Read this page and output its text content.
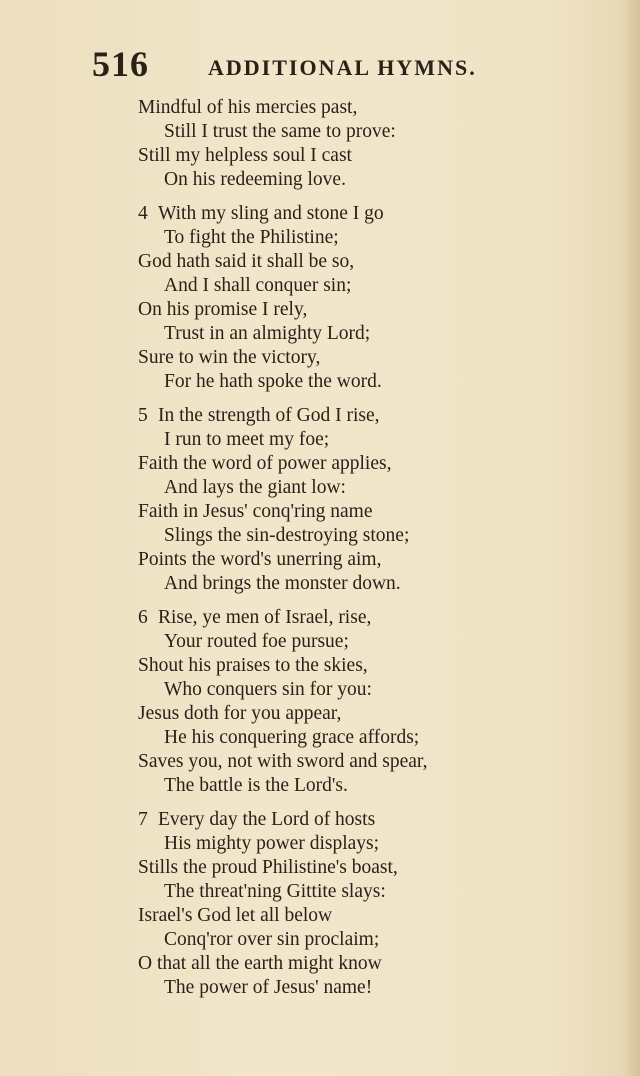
516	ADDITIONAL HYMNS.
Mindful of his mercies past,
Still I trust the same to prove:
Still my helpless soul I cast
On his redeeming love.
4 With my sling and stone I go
To fight the Philistine;
God hath said it shall be so,
And I shall conquer sin;
On his promise I rely,
Trust in an almighty Lord;
Sure to win the victory,
For he hath spoke the word.
5 In the strength of God I rise,
I run to meet my foe;
Faith the word of power applies,
And lays the giant low:
Faith in Jesus' conq'ring name
Slings the sin-destroying stone;
Points the word's unerring aim,
And brings the monster down.
6 Rise, ye men of Israel, rise,
Your routed foe pursue;
Shout his praises to the skies,
Who conquers sin for you:
Jesus doth for you appear,
He his conquering grace affords;
Saves you, not with sword and spear,
The battle is the Lord's.
7 Every day the Lord of hosts
His mighty power displays;
Stills the proud Philistine's boast,
The threat'ning Gittite slays:
Israel's God let all below
Conq'ror over sin proclaim;
O that all the earth might know
The power of Jesus' name!
